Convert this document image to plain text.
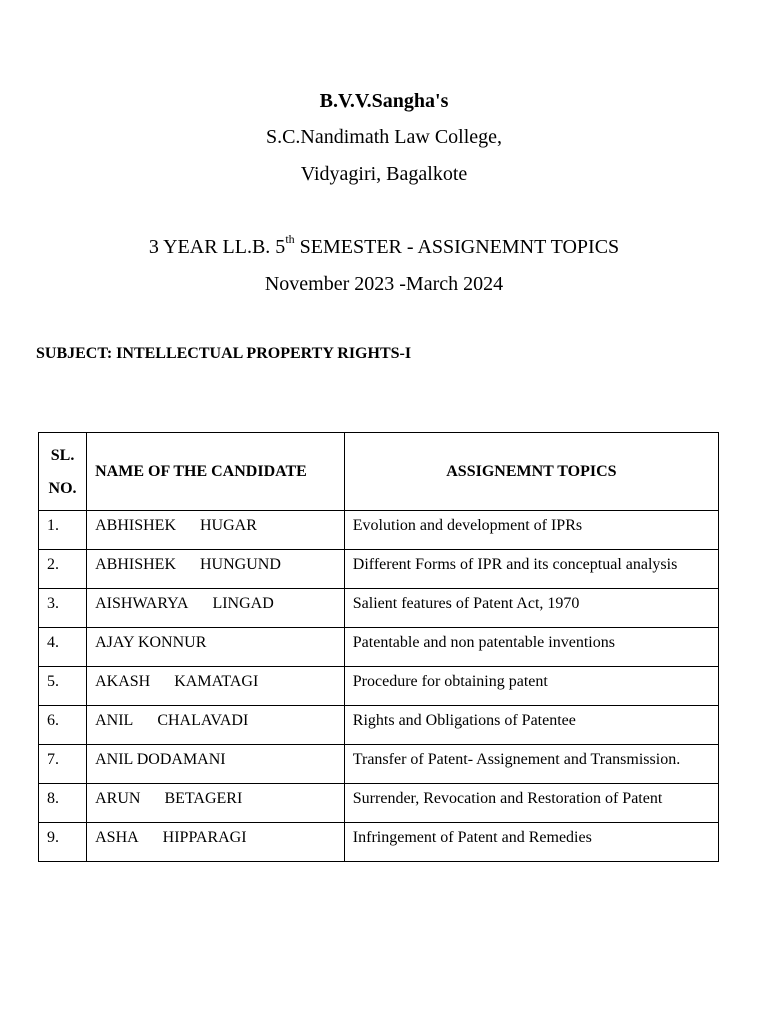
B.V.V.Sangha's
S.C.Nandimath Law College,
Vidyagiri, Bagalkote
3 YEAR LL.B. 5th SEMESTER - ASSIGNEMNT TOPICS
November 2023 -March 2024
SUBJECT: INTELLECTUAL PROPERTY RIGHTS-I
SL.
NO.	NAME OF THE CANDIDATE	ASSIGNEMNT TOPICS
1.	ABHISHEK HUGAR	Evolution and development of IPRs
2.	ABHISHEK HUNGUND	Different Forms of IPR and its conceptual analysis
3.	AISHWARYA LINGAD	Salient features of Patent Act, 1970
4.	AJAY KONNUR	Patentable and non patentable inventions
5.	AKASH KAMATAGI	Procedure for obtaining patent
6.	ANIL CHALAVADI	Rights and Obligations of Patentee
7.	ANIL DODAMANI	Transfer of Patent- Assignement and Transmission.
8.	ARUN BETAGERI	Surrender, Revocation and Restoration of Patent
9.	ASHA HIPPARAGI	Infringement of Patent and Remedies
